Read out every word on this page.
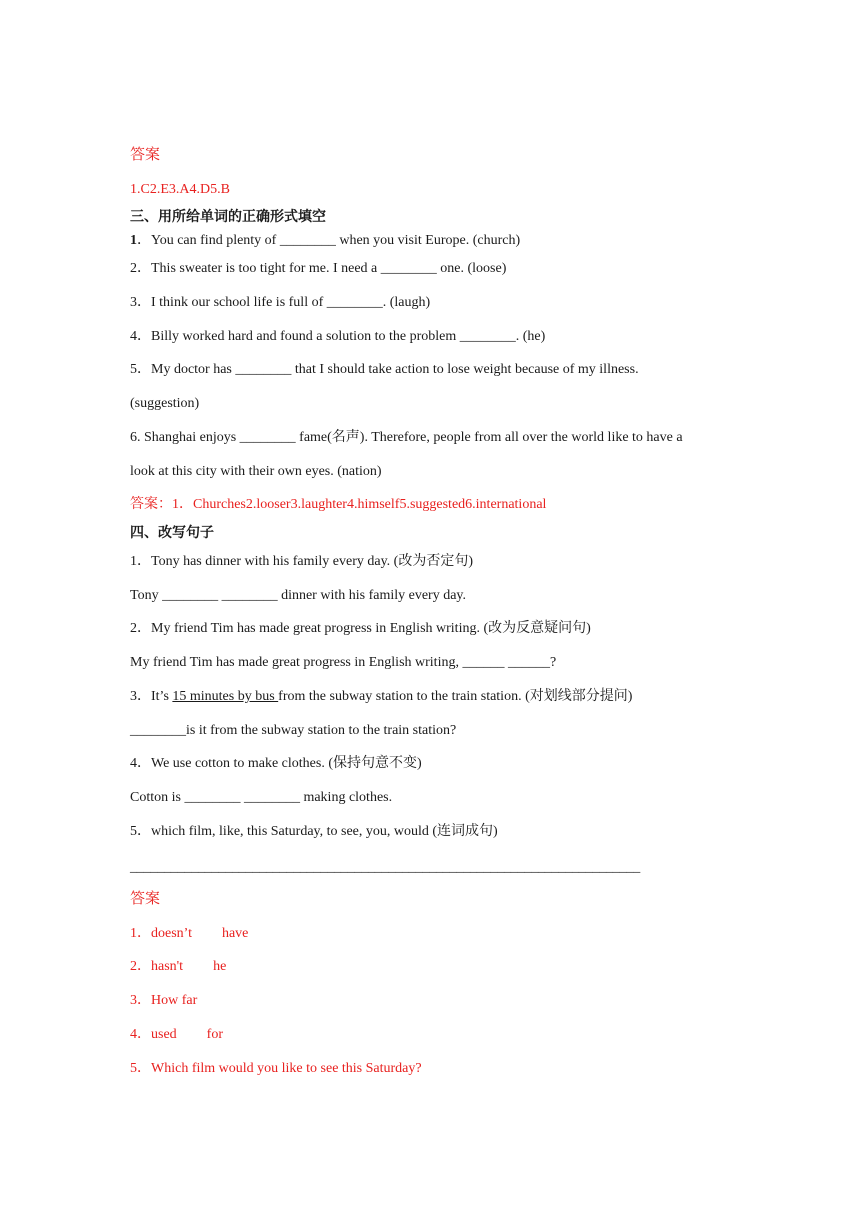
答案
1.C2.E3.A4.D5.B
三、用所给单词的正确形式填空
1．You can find plenty of ________ when you visit Europe. (church)
2．This sweater is too tight for me. I need a ________ one. (loose)
3．I think our school life is full of ________. (laugh)
4．Billy worked hard and found a solution to the problem ________. (he)
5．My doctor has ________ that I should take action to lose weight because of my illness.
(suggestion)
6. Shanghai enjoys ________ fame(名声). Therefore, people from all over the world like to have a
look at this city with their own eyes. (nation)
答案：1．Churches2.looser3.laughter4.himself5.suggested6.international
四、改写句子
1．Tony has dinner with his family every day. (改为否定句)
Tony ________ ________ dinner with his family every day.
2．My friend Tim has made great progress in English writing. (改为反意疑问句)
My friend Tim has made great progress in English writing, ______ ______?
3．It’s 15 minutes by bus from the subway station to the train station. (对划线部分提问)
________is it from the subway station to the train station?
4．We use cotton to make clothes. (保持句意不变)
Cotton is ________ ________ making clothes.
5．which film, like, this Saturday, to see, you, would (连词成句)
___________________________________________________________________________
答案
1．doesn’t have
2．hasn't he
3．How far
4．used for
5．Which film would you like to see this Saturday?
